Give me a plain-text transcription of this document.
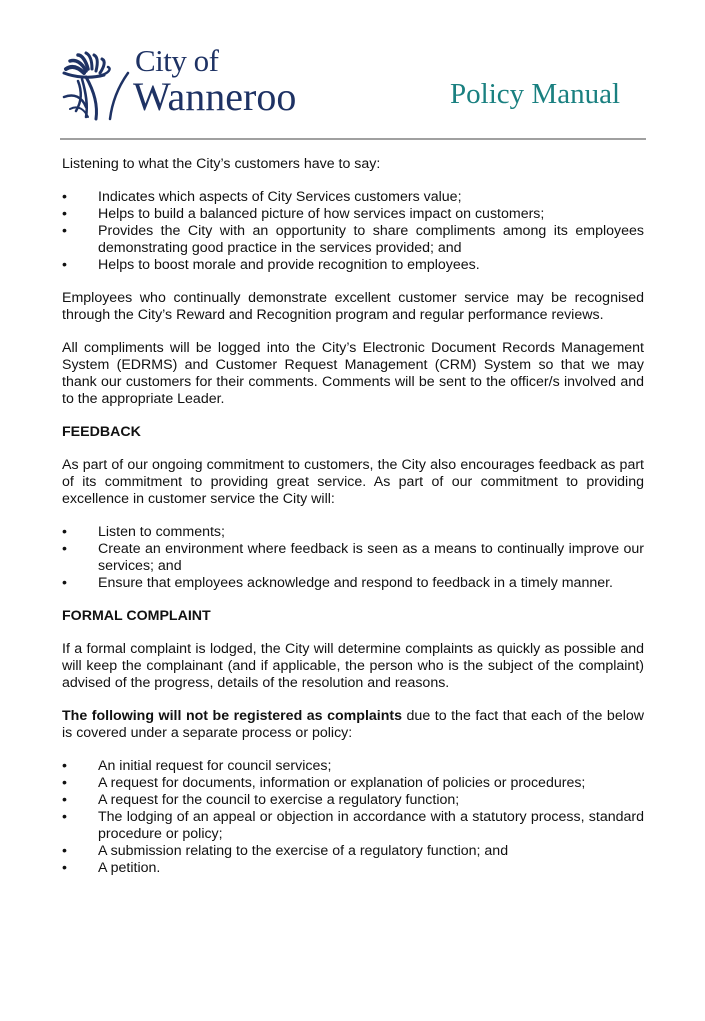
City of
Wanneroo	Policy Manual

Listening to what the City’s customers have to say:

•	Indicates which aspects of City Services customers value;
•	Helps to build a balanced picture of how services impact on customers;
•	Provides the City with an opportunity to share compliments among its employees demonstrating good practice in the services provided; and
•	Helps to boost morale and provide recognition to employees.

Employees who continually demonstrate excellent customer service may be recognised through the City’s Reward and Recognition program and regular performance reviews.

All compliments will be logged into the City’s Electronic Document Records Management System (EDRMS) and Customer Request Management (CRM) System so that we may thank our customers for their comments. Comments will be sent to the officer/s involved and to the appropriate Leader.

FEEDBACK

As part of our ongoing commitment to customers, the City also encourages feedback as part of its commitment to providing great service. As part of our commitment to providing excellence in customer service the City will:

•	Listen to comments;
•	Create an environment where feedback is seen as a means to continually improve our services; and
•	Ensure that employees acknowledge and respond to feedback in a timely manner.
FORMAL COMPLAINT

If a formal complaint is lodged, the City will determine complaints as quickly as possible and will keep the complainant (and if applicable, the person who is the subject of the complaint) advised of the progress, details of the resolution and reasons.

The following will not be registered as complaints due to the fact that each of the below is covered under a separate process or policy:

•	An initial request for council services;
•	A request for documents, information or explanation of policies or procedures;
•	A request for the council to exercise a regulatory function;
•	The lodging of an appeal or objection in accordance with a statutory process, standard procedure or policy;
•	A submission relating to the exercise of a regulatory function; and
•	A petition.
